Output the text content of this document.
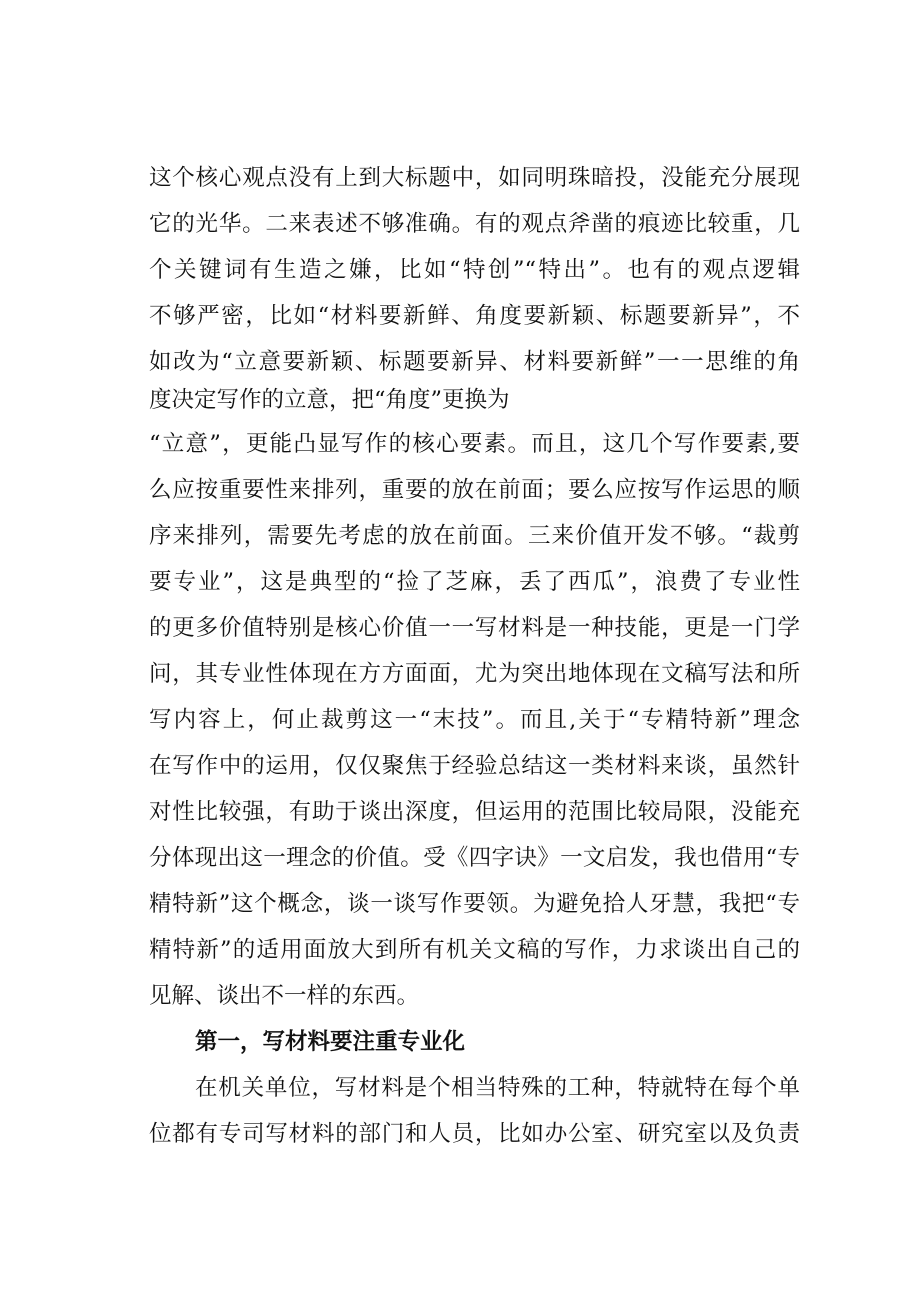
这个核心观点没有上到大标题中，如同明珠暗投，没能充分展现
它的光华。二来表述不够准确。有的观点斧凿的痕迹比较重，几
个关键词有生造之嫌，比如“特创”“特出”。也有的观点逻辑
不够严密，比如“材料要新鲜、角度要新颖、标题要新异”，不
如改为“立意要新颖、标题要新异、材料要新鲜”一一思维的角
度决定写作的立意，把“角度”更换为
“立意”，更能凸显写作的核心要素。而且，这几个写作要素,要
么应按重要性来排列，重要的放在前面；要么应按写作运思的顺
序来排列，需要先考虑的放在前面。三来价值开发不够。“裁剪
要专业”，这是典型的“捡了芝麻，丢了西瓜”，浪费了专业性
的更多价值特别是核心价值一一写材料是一种技能，更是一门学
问，其专业性体现在方方面面，尤为突出地体现在文稿写法和所
写内容上，何止裁剪这一“末技”。而且,关于“专精特新”理念
在写作中的运用，仅仅聚焦于经验总结这一类材料来谈，虽然针
对性比较强，有助于谈出深度，但运用的范围比较局限，没能充
分体现出这一理念的价值。受《四字诀》一文启发，我也借用“专
精特新”这个概念，谈一谈写作要领。为避免拾人牙慧，我把“专
精特新”的适用面放大到所有机关文稿的写作，力求谈出自己的
见解、谈出不一样的东西。
第一，写材料要注重专业化
在机关单位，写材料是个相当特殊的工种，特就特在每个单
位都有专司写材料的部门和人员，比如办公室、研究室以及负责
